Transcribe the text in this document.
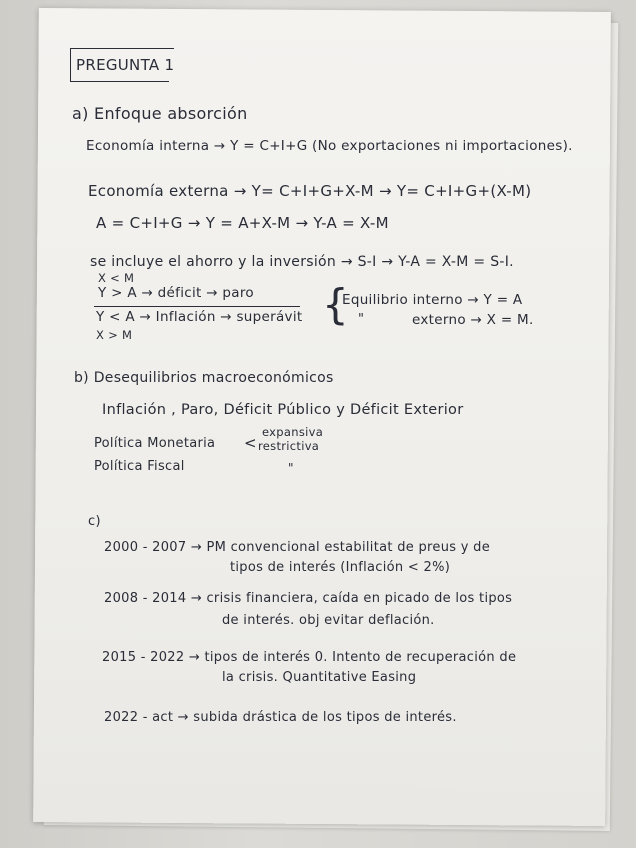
PREGUNTA 1
a) Enfoque absorción
Economía interna → Y = C+I+G (No exportaciones ni importaciones).
Economía externa → Y= C+I+G+X-M → Y= C+I+G+(X-M)
A = C+I+G → Y = A+X-M → Y-A = X-M
se incluye el ahorro y la inversión → S-I → Y-A = X-M = S-I.
X < M
Y > A → déficit → paro
Y < A → Inflación → superávit
X > M
{
Equilibrio interno → Y = A
"	externo → X = M.
b) Desequilibrios macroeconómicos
Inflación , Paro, Déficit Público y Déficit Exterior
Política Monetaria <
expansiva
restrictiva
Política Fiscal	"
c)
2000 - 2007 → PM convencional estabilitat de preus y de
tipos de interés (Inflación < 2%)
2008 - 2014 → crisis financiera, caída en picado de los tipos
de interés. obj evitar deflación.
2015 - 2022 → tipos de interés 0. Intento de recuperación de
la crisis. Quantitative Easing
2022 - act → subida drástica de los tipos de interés.
